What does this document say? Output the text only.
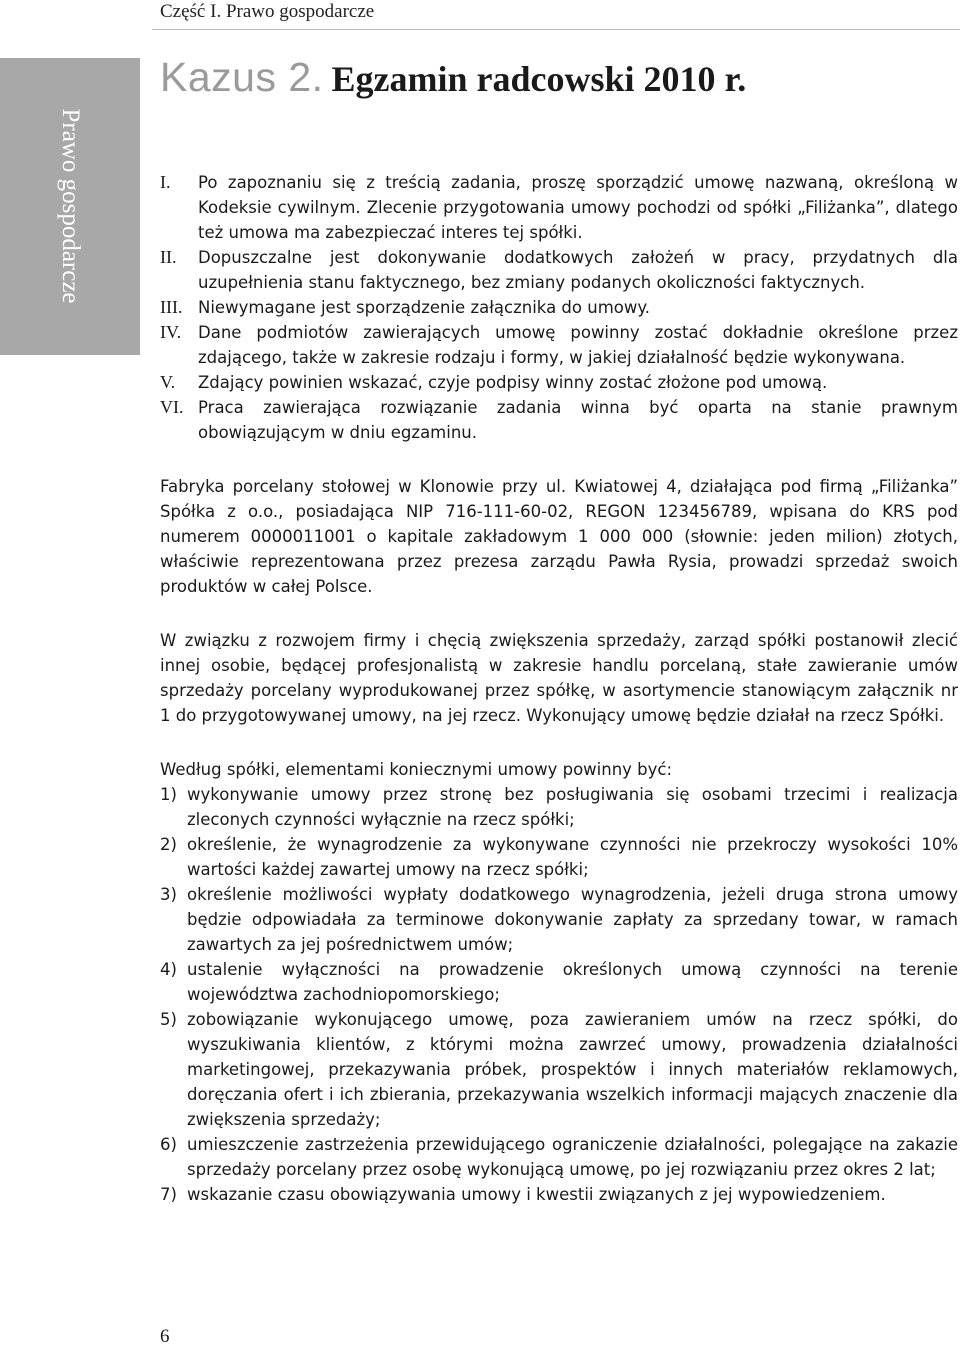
Część I. Prawo gospodarcze
Prawo gospodarcze
Kazus 2. Egzamin radcowski 2010 r.
I. Po zapoznaniu się z treścią zadania, proszę sporządzić umowę nazwaną, określoną w Kodeksie cywilnym. Zlecenie przygotowania umowy pochodzi od spółki „Filiżanka”, dlatego też umowa ma zabezpieczać interes tej spółki.
II. Dopuszczalne jest dokonywanie dodatkowych założeń w pracy, przydatnych dla uzupełnienia stanu faktycznego, bez zmiany podanych okoliczności faktycznych.
III. Niewymagane jest sporządzenie załącznika do umowy.
IV. Dane podmiotów zawierających umowę powinny zostać dokładnie określone przez zdającego, także w zakresie rodzaju i formy, w jakiej działalność będzie wykonywana.
V. Zdający powinien wskazać, czyje podpisy winny zostać złożone pod umową.
VI. Praca zawierająca rozwiązanie zadania winna być oparta na stanie prawnym obowiązującym w dniu egzaminu.

Fabryka porcelany stołowej w Klonowie przy ul. Kwiatowej 4, działająca pod firmą „Filiżanka” Spółka z o.o., posiadająca NIP 716-111-60-02, REGON 123456789, wpisana do KRS pod numerem 0000011001 o kapitale zakładowym 1 000 000 (słownie: jeden milion) złotych, właściwie reprezentowana przez prezesa zarządu Pawła Rysia, prowadzi sprzedaż swoich produktów w całej Polsce.

W związku z rozwojem firmy i chęcią zwiększenia sprzedaży, zarząd spółki postanowił zlecić innej osobie, będącej profesjonalistą w zakresie handlu porcelaną, stałe zawieranie umów sprzedaży porcelany wyprodukowanej przez spółkę, w asortymencie stanowiącym załącznik nr 1 do przygotowywanej umowy, na jej rzecz. Wykonujący umowę będzie działał na rzecz Spółki.

Według spółki, elementami koniecznymi umowy powinny być:

1) wykonywanie umowy przez stronę bez posługiwania się osobami trzecimi i realizacja zleconych czynności wyłącznie na rzecz spółki;
2) określenie, że wynagrodzenie za wykonywane czynności nie przekroczy wysokości 10% wartości każdej zawartej umowy na rzecz spółki;
3) określenie możliwości wypłaty dodatkowego wynagrodzenia, jeżeli druga strona umowy będzie odpowiadała za terminowe dokonywanie zapłaty za sprzedany towar, w ramach zawartych za jej pośrednictwem umów;
4) ustalenie wyłączności na prowadzenie określonych umową czynności na terenie województwa zachodniopomorskiego;
5) zobowiązanie wykonującego umowę, poza zawieraniem umów na rzecz spółki, do wyszukiwania klientów, z którymi można zawrzeć umowy, prowadzenia działalności marketingowej, przekazywania próbek, prospektów i innych materiałów reklamowych, doręczania ofert i ich zbierania, przekazywania wszelkich informacji mających znaczenie dla zwiększenia sprzedaży;
6) umieszczenie zastrzeżenia przewidującego ograniczenie działalności, polegające na zakazie sprzedaży porcelany przez osobę wykonującą umowę, po jej rozwiązaniu przez okres 2 lat;
7) wskazanie czasu obowiązywania umowy i kwestii związanych z jej wypowiedzeniem.
6
